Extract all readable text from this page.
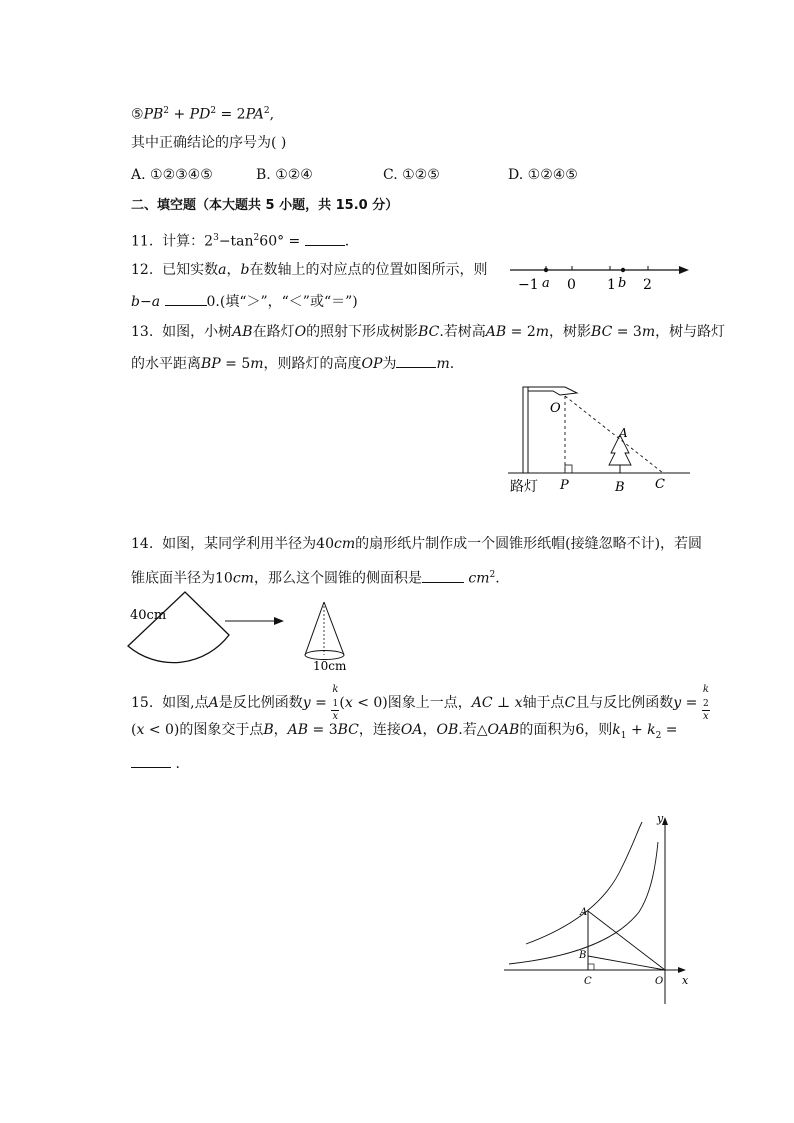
$⑤PB^2 + PD^2 = 2PA^2$,
其中正确结论的序号为( )
A. ①②③④⑤	B. ①②④	C. ①②⑤	D. ①②④⑤
二、填空题（本大题共 5 小题，共 15.0 分）
11.  计算：$2^3-\tan^260^\circ$ =	.
12.  已知实数a，b在数轴上的对应点的位置如图所示，则
b−a	0.(填“＞”，“＜”或“＝”)
−1 a 0 1 b 2
13.  如图，小树AB在路灯O的照射下形成树影BC.若树高AB = 2m，树影BC = 3m，树与路灯
的水平距离BP = 5m，则路灯的高度OP为	m.
O
A
P	B C
路灯
14.  如图，某同学利用半径为40cm的扇形纸片制作成一个圆锥形纸帽(接缝忽略不计)，若圆
锥底面半径为10cm，那么这个圆锥的侧面积是	$cm^2$.
40cm
10cm
15.  如图,点A是反比例函数y = k
$_1$
x (x < 0)图象上一点，AC ⊥ x轴于点C且与反比例函数y = k
$_2$
x
(x < 0)的图象交于点B，AB = 3BC，连接OA，OB.若△OAB的面积为6，则$k_1 + k_2$ =
.
y
x
A
B
C	O
